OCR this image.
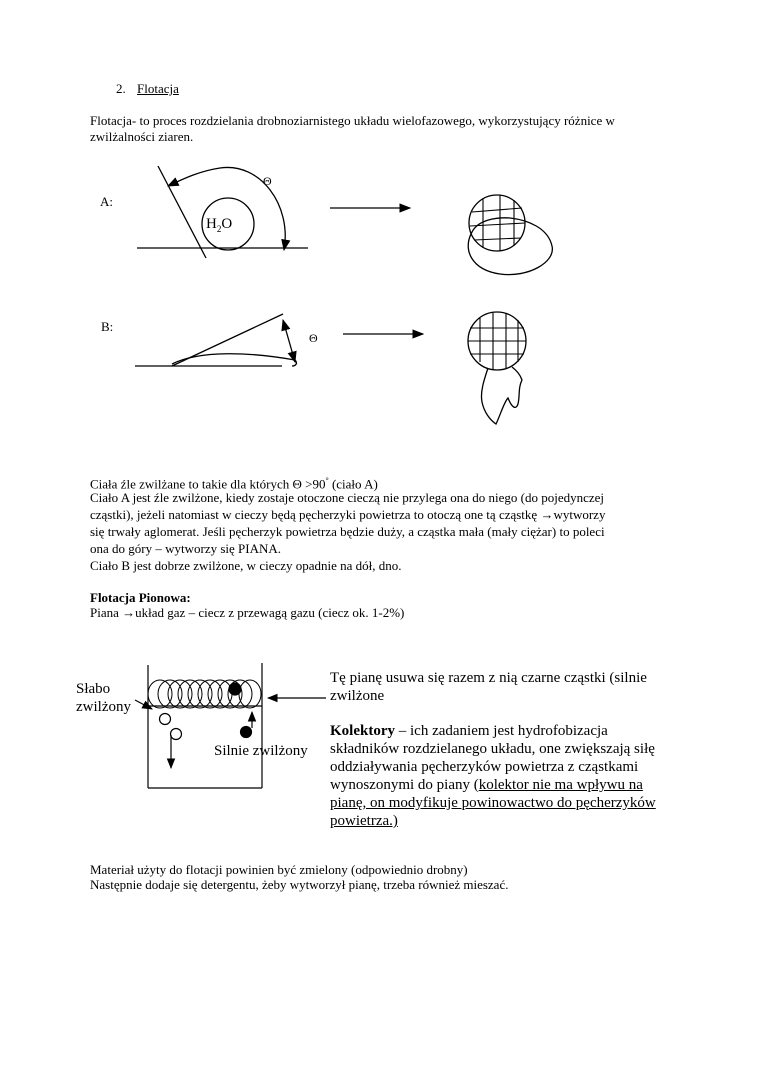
2. Flotacja
Flotacja- to proces rozdzielania drobnoziarnistego układu wielofazowego, wykorzystujący różnice w
zwilżalności ziaren.
A:
B:
Θ
Θ
$H_2O$
Ciała źle zwilżane to takie dla których Θ >90° (ciało A)
Ciało A jest źle zwilżone, kiedy zostaje otoczone cieczą nie przylega ona do niego (do pojedynczej
cząstki), jeżeli natomiast w cieczy będą pęcherzyki powietrza to otoczą one tą cząstkę →wytworzy
się trwały aglomerat. Jeśli pęcherzyk powietrza będzie duży, a cząstka mała (mały ciężar) to poleci
ona do góry – wytworzy się PIANA.
Ciało B jest dobrze zwilżone, w cieczy opadnie na dół, dno.
Flotacja Pionowa:
Piana →układ gaz – ciecz z przewagą gazu (ciecz ok. 1-2%)
Słabo
zwilżony
Silnie zwilżony
Tę pianę usuwa się razem z nią czarne cząstki (silnie
zwilżone
Kolektory – ich zadaniem jest hydrofobizacja
składników rozdzielanego układu, one zwiększają siłę
oddziaływania pęcherzyków powietrza z cząstkami
wynoszonymi do piany (kolektor nie ma wpływu na
pianę, on modyfikuje powinowactwo do pęcherzyków
powietrza.)
Materiał użyty do flotacji powinien być zmielony (odpowiednio drobny)
Następnie dodaje się detergentu, żeby wytworzył pianę, trzeba również mieszać.
